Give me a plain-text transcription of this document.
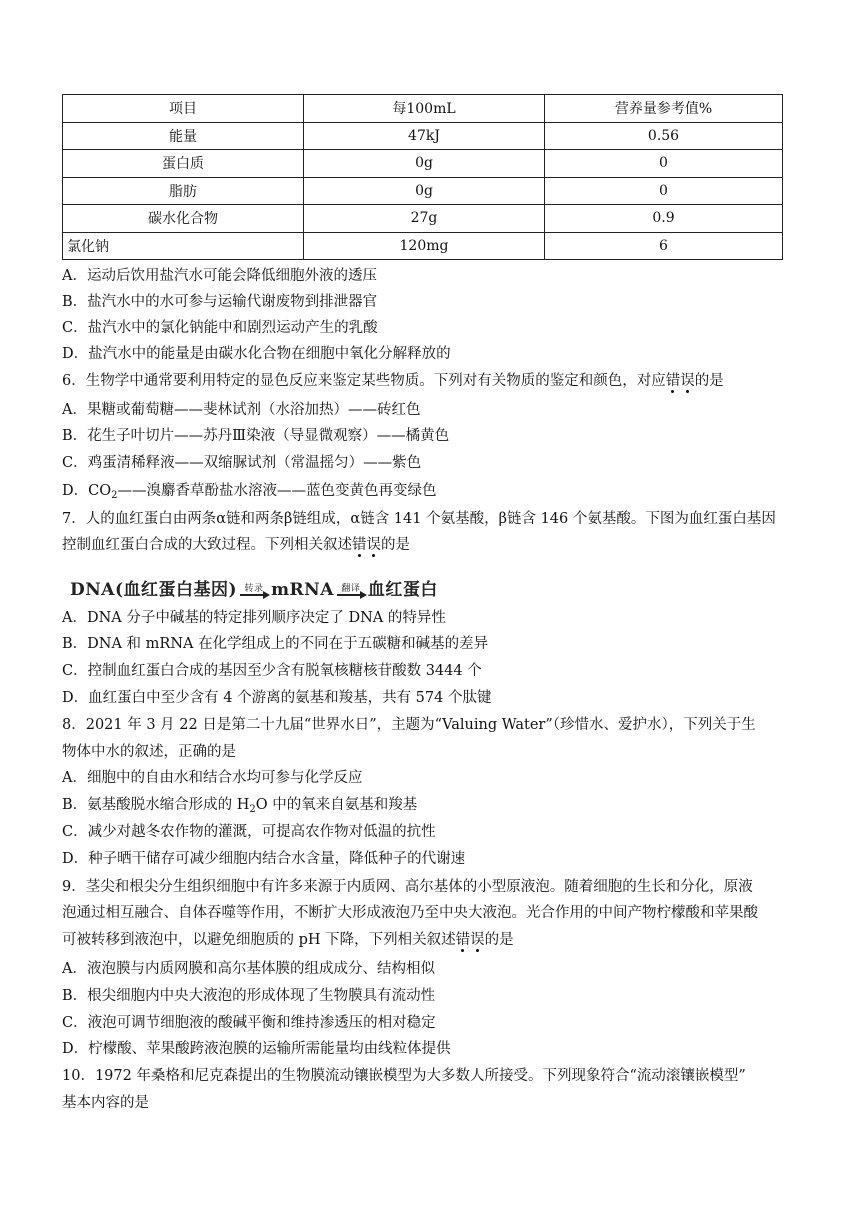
项目	每100mL	营养量参考值%
能量	47kJ	0.56
蛋白质	0g	0
脂肪	0g	0
碳水化合物	27g	0.9
氯化钠	120mg	6
A．运动后饮用盐汽水可能会降低细胞外液的透压
B．盐汽水中的水可参与运输代谢废物到排泄器官
C．盐汽水中的氯化钠能中和剧烈运动产生的乳酸
D．盐汽水中的能量是由碳水化合物在细胞中氧化分解释放的
6．生物学中通常要利用特定的显色反应来鉴定某些物质。下列对有关物质的鉴定和颜色，对应错误的是
A．果糖或葡萄糖——斐林试剂（水浴加热）——砖红色
B．花生子叶切片——苏丹Ⅲ染液（导显微观察）——橘黄色
C．鸡蛋清稀释液——双缩脲试剂（常温摇匀）——紫色
D．$CO_2——$溴麝香草酚盐水溶液——蓝色变黄色再变绿色
7．人的血红蛋白由两条α链和两条β链组成，α链含 141 个氨基酸，β链含 146 个氨基酸。下图为血红蛋白基因
控制血红蛋白合成的大致过程。下列相关叙述错误的是
DNA(血红蛋白基因) 转录 mRNA 翻译 血红蛋白
A．DNA 分子中碱基的特定排列顺序决定了 DNA 的特异性
B．DNA 和 mRNA 在化学组成上的不同在于五碳糖和碱基的差异
C．控制血红蛋白合成的基因至少含有脱氧核糖核苷酸数 3444 个
D．血红蛋白中至少含有 4 个游离的氨基和羧基，共有 574 个肽键
8．2021 年 3 月 22 日是第二十九届“世界水日”，主题为“Valuing Water”（珍惜水、爱护水），下列关于生
物体中水的叙述，正确的是
A．细胞中的自由水和结合水均可参与化学反应
B．氨基酸脱水缩合形成的 $H_2O$ 中的氧来自氨基和羧基
C．减少对越冬农作物的灌溉，可提高农作物对低温的抗性
D．种子晒干储存可减少细胞内结合水含量，降低种子的代谢速
9．茎尖和根尖分生组织细胞中有许多来源于内质网、高尔基体的小型原液泡。随着细胞的生长和分化，原液
泡通过相互融合、自体吞噬等作用，不断扩大形成液泡乃至中央大液泡。光合作用的中间产物柠檬酸和苹果酸
可被转移到液泡中，以避免细胞质的 pH 下降，下列相关叙述错误的是
A．液泡膜与内质网膜和高尔基体膜的组成成分、结构相似
B．根尖细胞内中央大液泡的形成体现了生物膜具有流动性
C．液泡可调节细胞液的酸碱平衡和维持渗透压的相对稳定
D．柠檬酸、苹果酸跨液泡膜的运输所需能量均由线粒体提供
10．1972 年桑格和尼克森提出的生物膜流动镶嵌模型为大多数人所接受。下列现象符合“流动滚镶嵌模型”
基本内容的是
